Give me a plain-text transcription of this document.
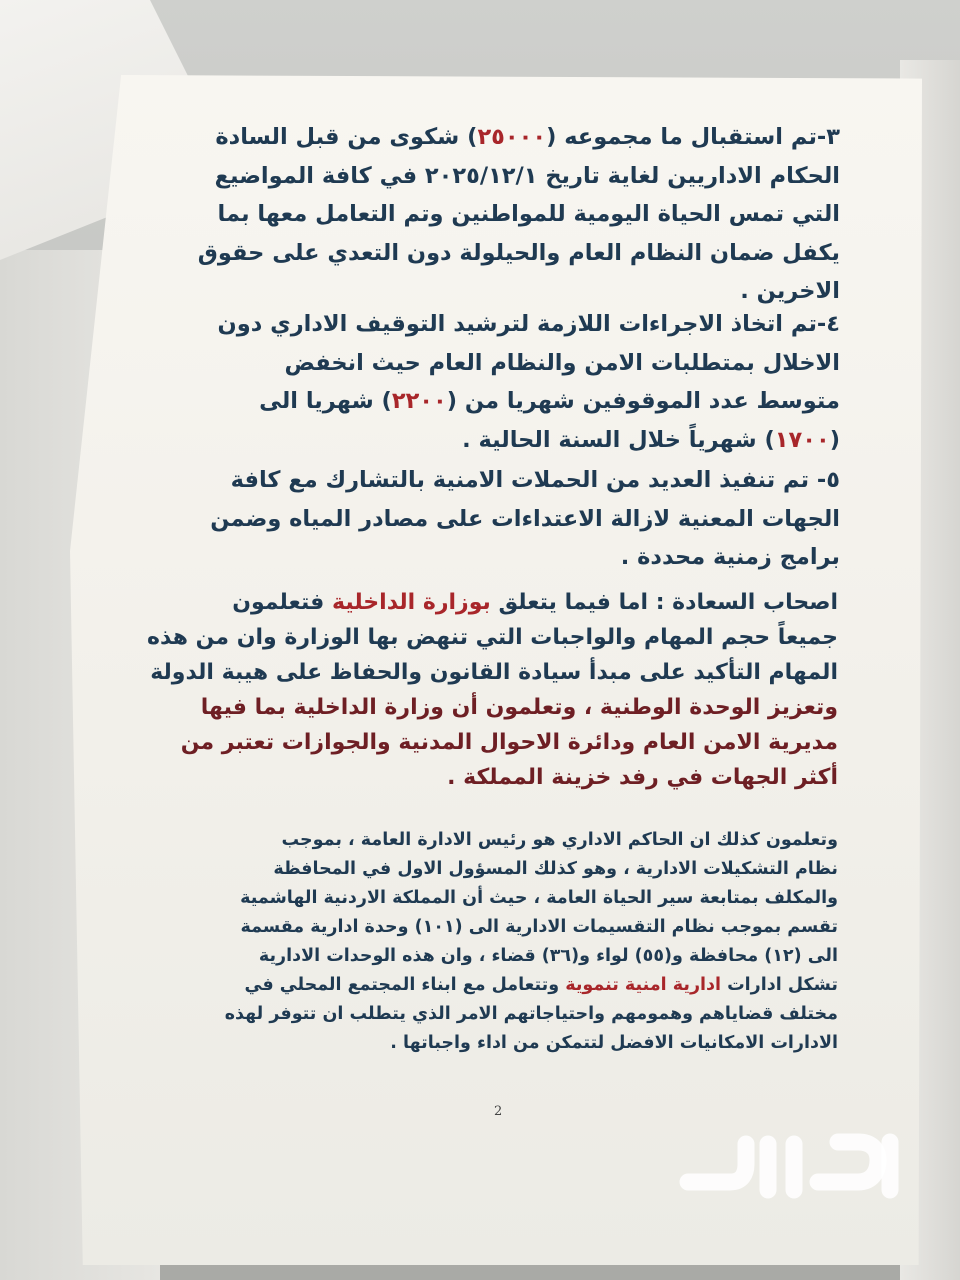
٣-تم استقبال ما مجموعه (٢٥٠٠٠) شكوى من قبل السادة
الحكام الاداريين لغاية تاريخ ٢٠٢٥/١٢/١ في كافة المواضيع
التي تمس الحياة اليومية للمواطنين وتم التعامل معها بما
يكفل ضمان النظام العام والحيلولة دون التعدي على حقوق
الاخرين .
٤-تم اتخاذ الاجراءات اللازمة لترشيد التوقيف الاداري دون
الاخلال بمتطلبات الامن والنظام العام حيث انخفض
متوسط عدد الموقوفين شهريا من (٢٢٠٠) شهريا الى
(١٧٠٠) شهرياً خلال السنة الحالية .
٥- تم تنفيذ العديد من الحملات الامنية بالتشارك مع كافة
الجهات المعنية لازالة الاعتداءات على مصادر المياه وضمن
برامج زمنية محددة .
اصحاب السعادة : اما فيما يتعلق بوزارة الداخلية فتعلمون
جميعاً حجم المهام والواجبات التي تنهض بها الوزارة وان من هذه
المهام التأكيد على مبدأ سيادة القانون والحفاظ على هيبة الدولة
وتعزيز الوحدة الوطنية ، وتعلمون أن وزارة الداخلية بما فيها
مديرية الامن العام ودائرة الاحوال المدنية والجوازات تعتبر من
أكثر الجهات في رفد خزينة المملكة .
وتعلمون كذلك ان الحاكم الاداري هو رئيس الادارة العامة ، بموجب
نظام التشكيلات الادارية ، وهو كذلك المسؤول الاول في المحافظة
والمكلف بمتابعة سير الحياة العامة ، حيث أن المملكة الاردنية الهاشمية
تقسم بموجب نظام التقسيمات الادارية الى (١٠١) وحدة ادارية مقسمة
الى (١٢) محافظة و(٥٥) لواء و(٣٦) قضاء ، وان هذه الوحدات الادارية
تشكل ادارات ادارية امنية تنموية وتتعامل مع ابناء المجتمع المحلي في
مختلف قضاياهم وهمومهم واحتياجاتهم الامر الذي يتطلب ان تتوفر لهذه
الادارات الامكانيات الافضل لتتمكن من اداء واجباتها .
2
